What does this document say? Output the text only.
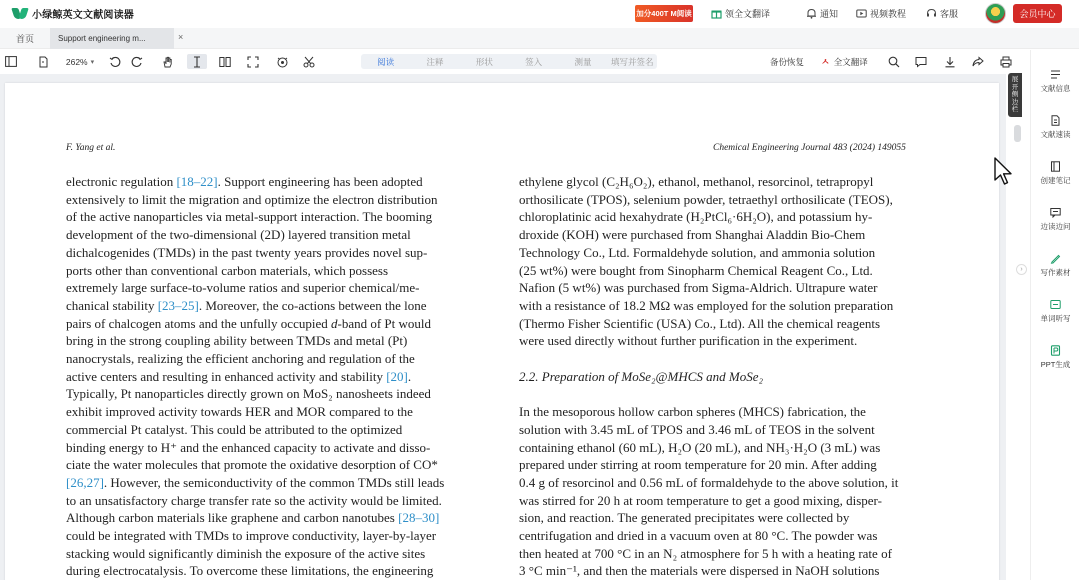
小绿鲸英文文献阅读器	加分400T M阅读	领全文翻译	通知	视频教程	客服	会员中心
首页	Support engineering m...	×
262% ▾	阅读	注释	形状	签入	测量	填写并签名	备份恢复 ㅅ 全文翻译
F. Yang et al.	Chemical Engineering Journal 483 (2024) 149055
electronic regulation [18–22]. Support engineering has been adopted
extensively to limit the migration and optimize the electron distribution
of the active nanoparticles via metal-support interaction. The booming
development of the two-dimensional (2D) layered transition metal
dichalcogenides (TMDs) in the past twenty years provides novel sup-
ports other than conventional carbon materials, which possess
extremely large surface-to-volume ratios and superior chemical/me-
chanical stability [23–25]. Moreover, the co-actions between the lone
pairs of chalcogen atoms and the unfully occupied d-band of Pt would
bring in the strong coupling ability between TMDs and metal (Pt)
nanocrystals, realizing the efficient anchoring and regulation of the
active centers and resulting in enhanced activity and stability [20].
Typically, Pt nanoparticles directly grown on MoS₂ nanosheets indeed
exhibit improved activity towards HER and MOR compared to the
commercial Pt catalyst. This could be attributed to the optimized
binding energy to H⁺ and the enhanced capacity to activate and disso-
ciate the water molecules that promote the oxidative desorption of CO*
[26,27]. However, the semiconductivity of the common TMDs still leads
to an unsatisfactory charge transfer rate so the activity would be limited.
Although carbon materials like graphene and carbon nanotubes [28–30]
could be integrated with TMDs to improve conductivity, layer-by-layer
stacking would significantly diminish the exposure of the active sites
during electrocatalysis. To overcome these limitations, the engineering
ethylene glycol (C₂H₆O₂), ethanol, methanol, resorcinol, tetrapropyl
orthosilicate (TPOS), selenium powder, tetraethyl orthosilicate (TEOS),
chloroplatinic acid hexahydrate (H₂PtCl₆·6H₂O), and potassium hy-
droxide (KOH) were purchased from Shanghai Aladdin Bio-Chem
Technology Co., Ltd. Formaldehyde solution, and ammonia solution
(25 wt%) were bought from Sinopharm Chemical Reagent Co., Ltd.
Nafion (5 wt%) was purchased from Sigma-Aldrich. Ultrapure water
with a resistance of 18.2 MΩ was employed for the solution preparation
(Thermo Fisher Scientific (USA) Co., Ltd). All the chemical reagents
were used directly without further purification in the experiment.
2.2. Preparation of MoSe₂@MHCS and MoSe₂
In the mesoporous hollow carbon spheres (MHCS) fabrication, the
solution with 3.45 mL of TPOS and 3.46 mL of TEOS in the solvent
containing ethanol (60 mL), H₂O (20 mL), and NH₃·H₂O (3 mL) was
prepared under stirring at room temperature for 20 min. After adding
0.4 g of resorcinol and 0.56 mL of formaldehyde to the above solution, it
was stirred for 20 h at room temperature to get a good mixing, disper-
sion, and reaction. The generated precipitates were collected by
centrifugation and dried in a vacuum oven at 80 °C. The powder was
then heated at 700 °C in an N₂ atmosphere for 5 h with a heating rate of
3 °C min⁻¹, and then the materials were dispersed in NaOH solutions
展
开
侧
边
栏
›
文献信息
文献速读
创建笔记
边读边问
写作素材
单词听写
PPT生成
